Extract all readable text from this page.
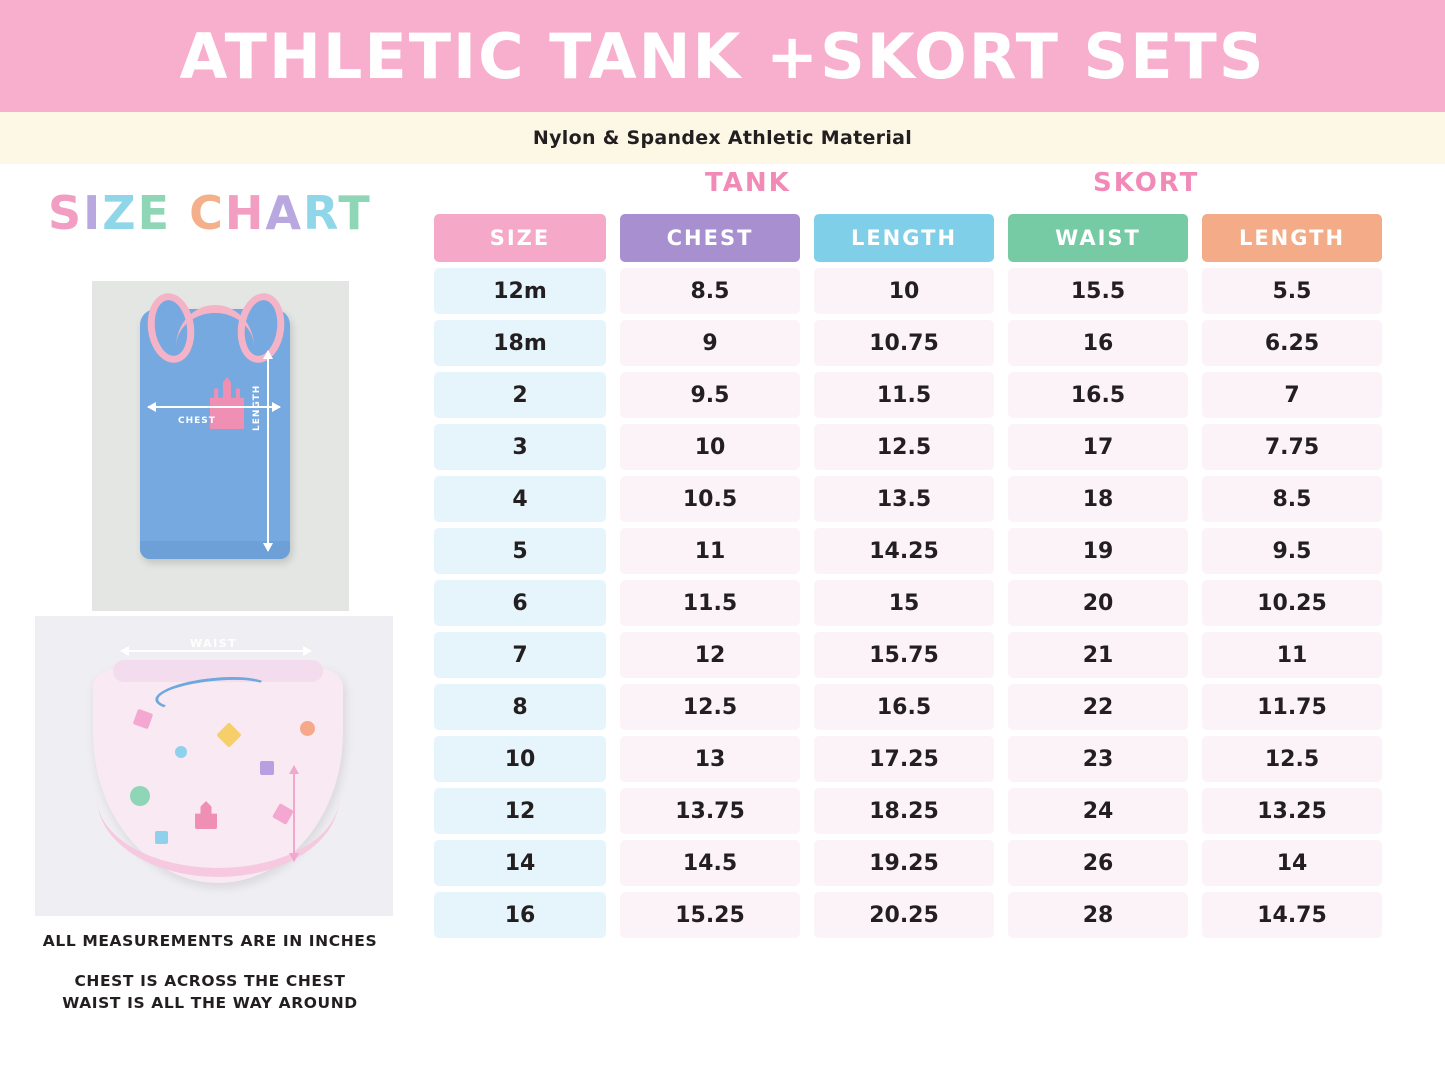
ATHLETIC TANK +SKORT SETS
Nylon & Spandex Athletic Material
SIZE CHART
CHEST	LENGTH
WAIST
ALL MEASUREMENTS ARE IN INCHES
CHEST IS ACROSS THE CHEST
WAIST IS ALL THE WAY AROUND
TANK	SKORT
SIZE	CHEST	LENGTH	WAIST	LENGTH
12m	8.5	10	15.5	5.5
18m	9	10.75	16	6.25
2	9.5	11.5	16.5	7
3	10	12.5	17	7.75
4	10.5	13.5	18	8.5
5	11	14.25	19	9.5
6	11.5	15	20	10.25
7	12	15.75	21	11
8	12.5	16.5	22	11.75
10	13	17.25	23	12.5
12	13.75	18.25	24	13.25
14	14.5	19.25	26	14
16	15.25	20.25	28	14.75
